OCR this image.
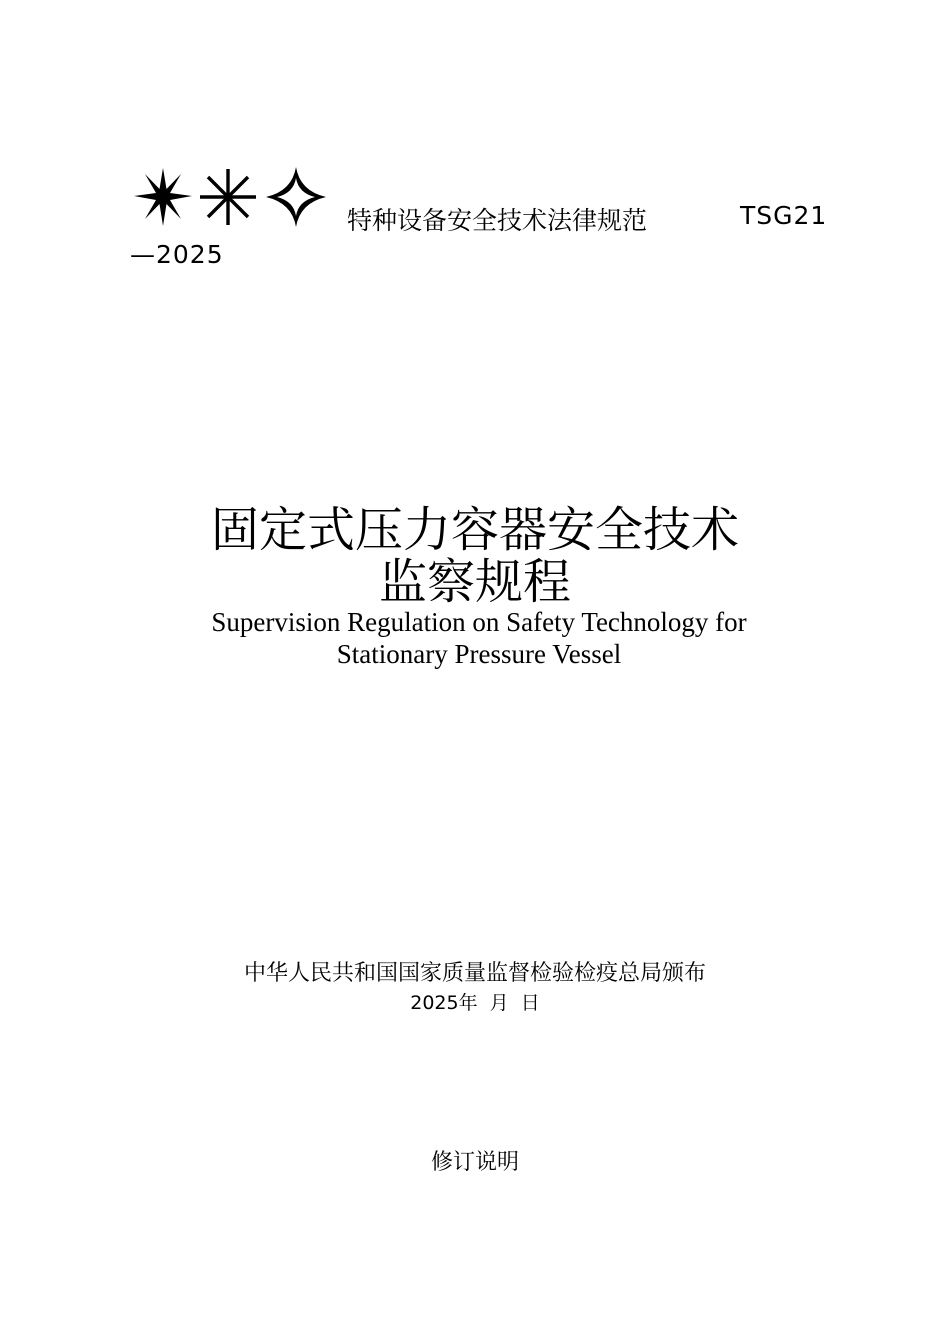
特种设备安全技术法律规范	TSG21
—2025
固定式压力容器安全技术
监察规程
Supervision Regulation on Safety Technology for
Stationary Pressure Vessel
中华人民共和国国家质量监督检验检疫总局颁布
2025年  月  日
修订说明
